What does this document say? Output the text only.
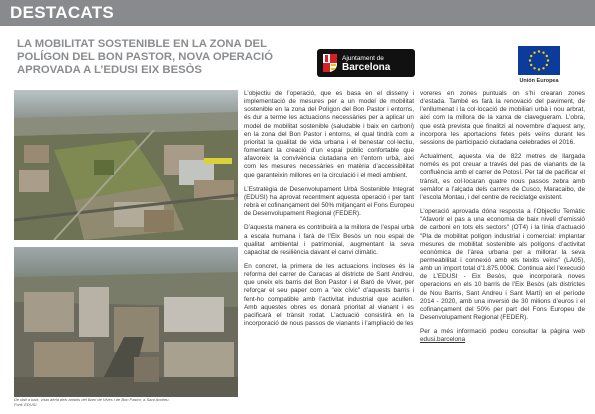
DESTACATS
LA MOBILITAT SOSTENIBLE EN LA ZONA DEL POLÍGON DEL BON PASTOR, NOVA OPERACIÓ APROVADA A L’EDUSI EIX BESÒS
Ajuntament de
Barcelona
Unión Europea
De dalt a baix, vista aèria dels àmbits del Barri de Vives i de Bon Pastor, a Sant Andreu.
Font: EDUSI.

L’objectiu de l’operació, que es basa en el disseny i implementació de mesures per a un model de mobilitat sostenible en la zona del Polígon del Bon Pastor i entorns, és dur a terme les actuacions necessàries per a aplicar un model de mobilitat sostenible (saludable i baix en carboni) en la zona del Bon Pastor i entorns, el qual tindrà com a prioritat la qualitat de vida urbana i el benestar col·lectiu, fomentant la creació d’un espai públic confortable que afavoreix la convivència ciutadana en l’entorn urbà, així com les mesures necessàries en matèria d’accessibilitat que garanteixin millores en la circulació i el medi ambient.

L’Estratègia de Desenvolupament Urbà Sostenible Integrat (EDUSI) ha aprovat recentment aquesta operació i per tant rebrà el cofinançament del 50% mitjançant el Fons Europeu de Desenvolupament Regional (FEDER).

D’aquesta manera es contribuirà a la millora de l’espai urbà a escala humana i farà de l’Eix Besòs un nou espai de qualitat ambiental i patrimonial, augmentant la seva capacitat de resiliència davant el canvi climàtic.

En concret, la primera de les actuacions incloses és la reforma del carrer de Caracas al districte de Sant Andreu, que uneix els barris del Bon Pastor i el Baró de Viver, per reforçar el seu paper com a "eix cívic" d’aquests barris i fent-ho compatible amb l’activitat industrial que acullen. Amb aquestes obres es donarà prioritat al vianant i es pacificarà el trànsit rodat. L’actuació consistirà en la incorporació de nous passos de vianants i l’ampliació de les

voreres en zones puntuals on s’hi crearan zones d’estada. També es farà la renovació del paviment, de l’enllumenat i la col·locació de mobiliari urbà i nou arbrat, així com la millora de la xarxa de clavegueram. L’obra, que està prevista que finalitzi al novembre d’aquest any, incorpora les aportacions fetes pels veïns durant les sessions de participació ciutadana celebrades el 2016.

Actualment, aquesta via de 822 metres de llargada només es pot creuar a través del pas de vianants de la confluència amb el carrer de Potosí. Per tal de pacificar el trànsit, es col·locaran quatre nous passos zebra amb semàfor a l’alçada dels carrers de Cusco, Maracaibo, de l’escola Montau, i del centre de reciclatge existent.

L’operació aprovada dóna resposta a l’Objectiu Temàtic "Afavorir el pas a una economia de baix nivell d’emissió de carboni en tots els sectors" (OT4) i la línia d’actuació "Pla de mobilitat polígon industrial i comercial: implantar mesures de mobilitat sostenible als polígons d’activitat econòmica de l’àrea urbana per a millorar la seva permeabilitat i connexió amb els teixits veïns" (LA05), amb un import total d’1.875.000€. Continua així l’execució de L’EDUSI - Eix Besòs, que incorporarà noves operacions en els 10 barris de l’Eix Besòs (als districtes de Nou Barris, Sant Andreu i Sant Martí) en el període 2014 - 2020, amb una inversió de 30 milions d’euros i el cofinançament del 50% per part del Fons Europeu de Desenvolupament Regional (FEDER).

Per a més informació podeu consultar la pàgina web edusi.barcelona
